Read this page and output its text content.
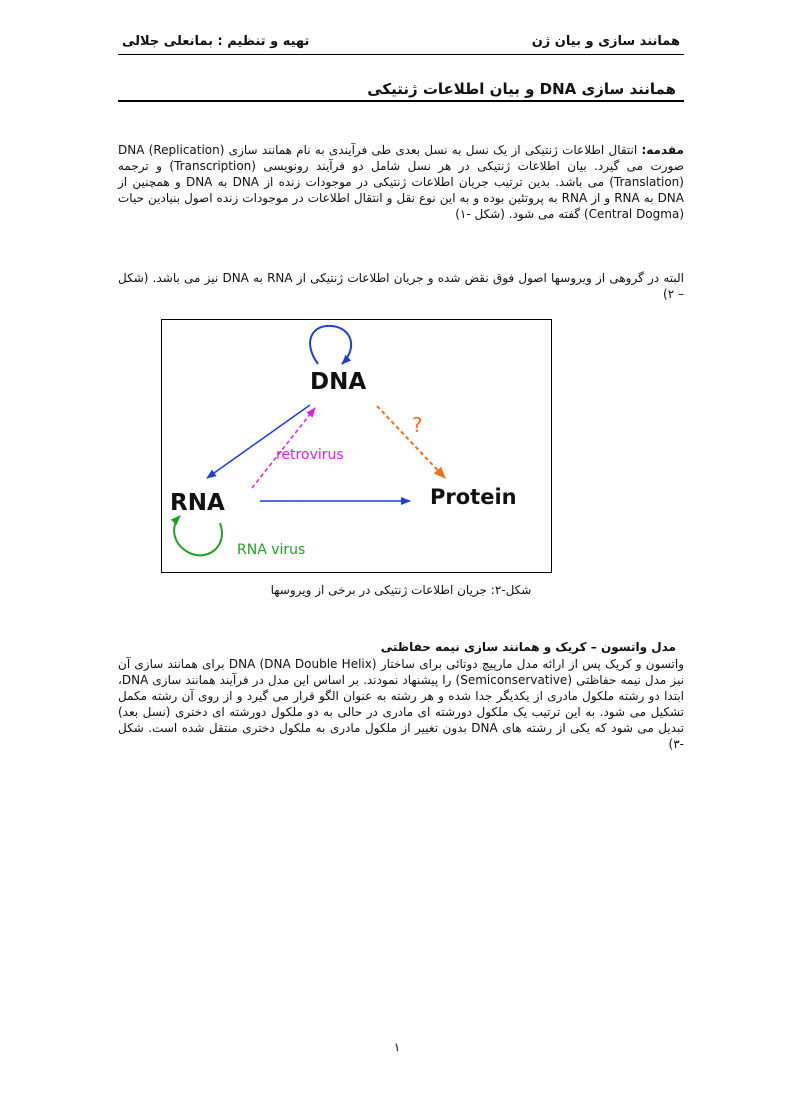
همانند سازی و بیان ژن
تهیه و تنظیم : بمانعلی جلالی
همانند سازی DNA و بیان اطلاعات ژنتیکی
مقدمه: انتقال اطلاعات ژنتیکی از یک نسل به نسل بعدی طی فرآیندی به نام همانند سازی DNA (Replication) صورت می گیرد. بیان اطلاعات ژنتیکی در هر نسل شامل دو فرآیند رونویسی (Transcription) و ترجمه (Translation) می باشد. بدین ترتیب جریان اطلاعات ژنتیکی در موجودات زنده از DNA به DNA و همچنین از DNA به RNA و از RNA به پروتئین بوده و به این نوع نقل و انتقال اطلاعات در موجودات زنده اصول بنیادین حیات (Central Dogma) گفته می شود. (شکل -۱)
البته در گروهی از ویروسها اصول فوق نقض شده و جریان اطلاعات ژنتیکی از RNA به DNA نیز می باشد. (شکل – ۲)
DNA
RNA	Protein
retrovirus
RNA virus
?
شکل-۲: جریان اطلاعات ژنتیکی در برخی از ویروسها
مدل واتسون – کریک و همانند سازی نیمه حفاظتی
واتسون و کریک پس از ارائه مدل مارپیچ دوتائی برای ساختار DNA (DNA Double Helix) برای همانند سازی آن نیز مدل نیمه حفاظتی (Semiconservative) را پیشنهاد نمودند. بر اساس این مدل در فرآیند همانند سازی DNA، ابتدا دو رشته ملکول مادری از یکدیگر جدا شده و هر رشته به عنوان الگو قرار می گیرد و از روی آن رشته مکمل تشکیل می شود. به این ترتیب یک ملکول دورشته ای مادری در حالی به دو ملکول دورشته ای دختری (نسل بعد) تبدیل می شود که یکی از رشته های DNA بدون تغییر از ملکول مادری به ملکول دختری منتقل شده است. شکل -۳)
۱
